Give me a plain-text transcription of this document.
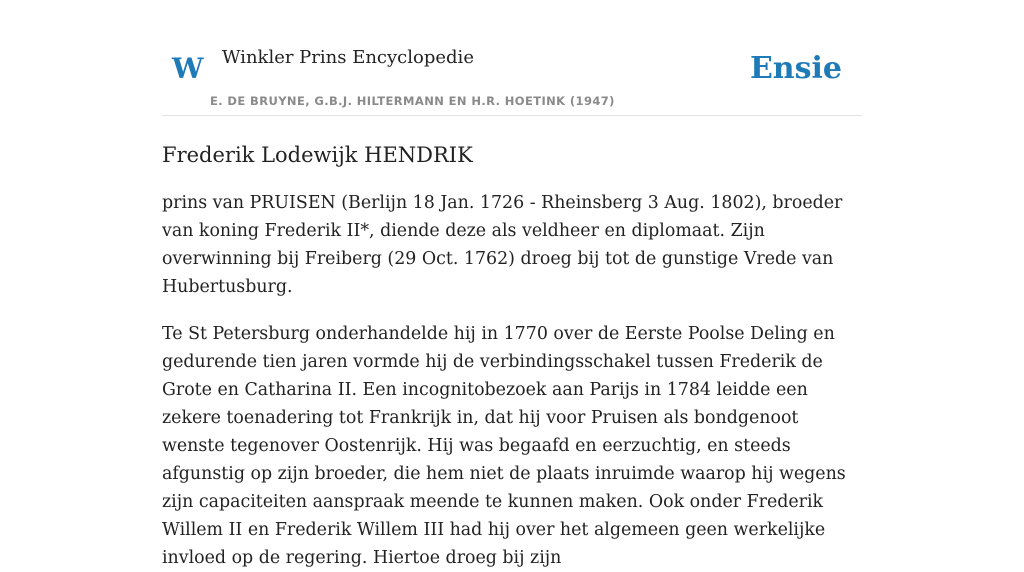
W Winkler Prins Encyclopedie
E. DE BRUYNE, G.B.J. HILTERMANN EN H.R. HOETINK (1947)
Ensie
Frederik Lodewijk HENDRIK

prins van PRUISEN (Berlijn 18 Jan. 1726 - Rheinsberg 3 Aug. 1802), broeder van koning Frederik II*, diende deze als veldheer en diplomaat. Zijn overwinning bij Freiberg (29 Oct. 1762) droeg bij tot de gunstige Vrede van Hubertusburg.

Te St Petersburg onderhandelde hij in 1770 over de Eerste Poolse Deling en gedurende tien jaren vormde hij de verbindingsschakel tussen Frederik de Grote en Catharina II. Een incognitobezoek aan Parijs in 1784 leidde een zekere toenadering tot Frankrijk in, dat hij voor Pruisen als bondgenoot wenste tegenover Oostenrijk. Hij was begaafd en eerzuchtig, en steeds afgunstig op zijn broeder, die hem niet de plaats inruimde waarop hij wegens zijn capaciteiten aanspraak meende te kunnen maken. Ook onder Frederik Willem II en Frederik Willem III had hij over het algemeen geen werkelijke invloed op de regering. Hiertoe droeg bij zijn
